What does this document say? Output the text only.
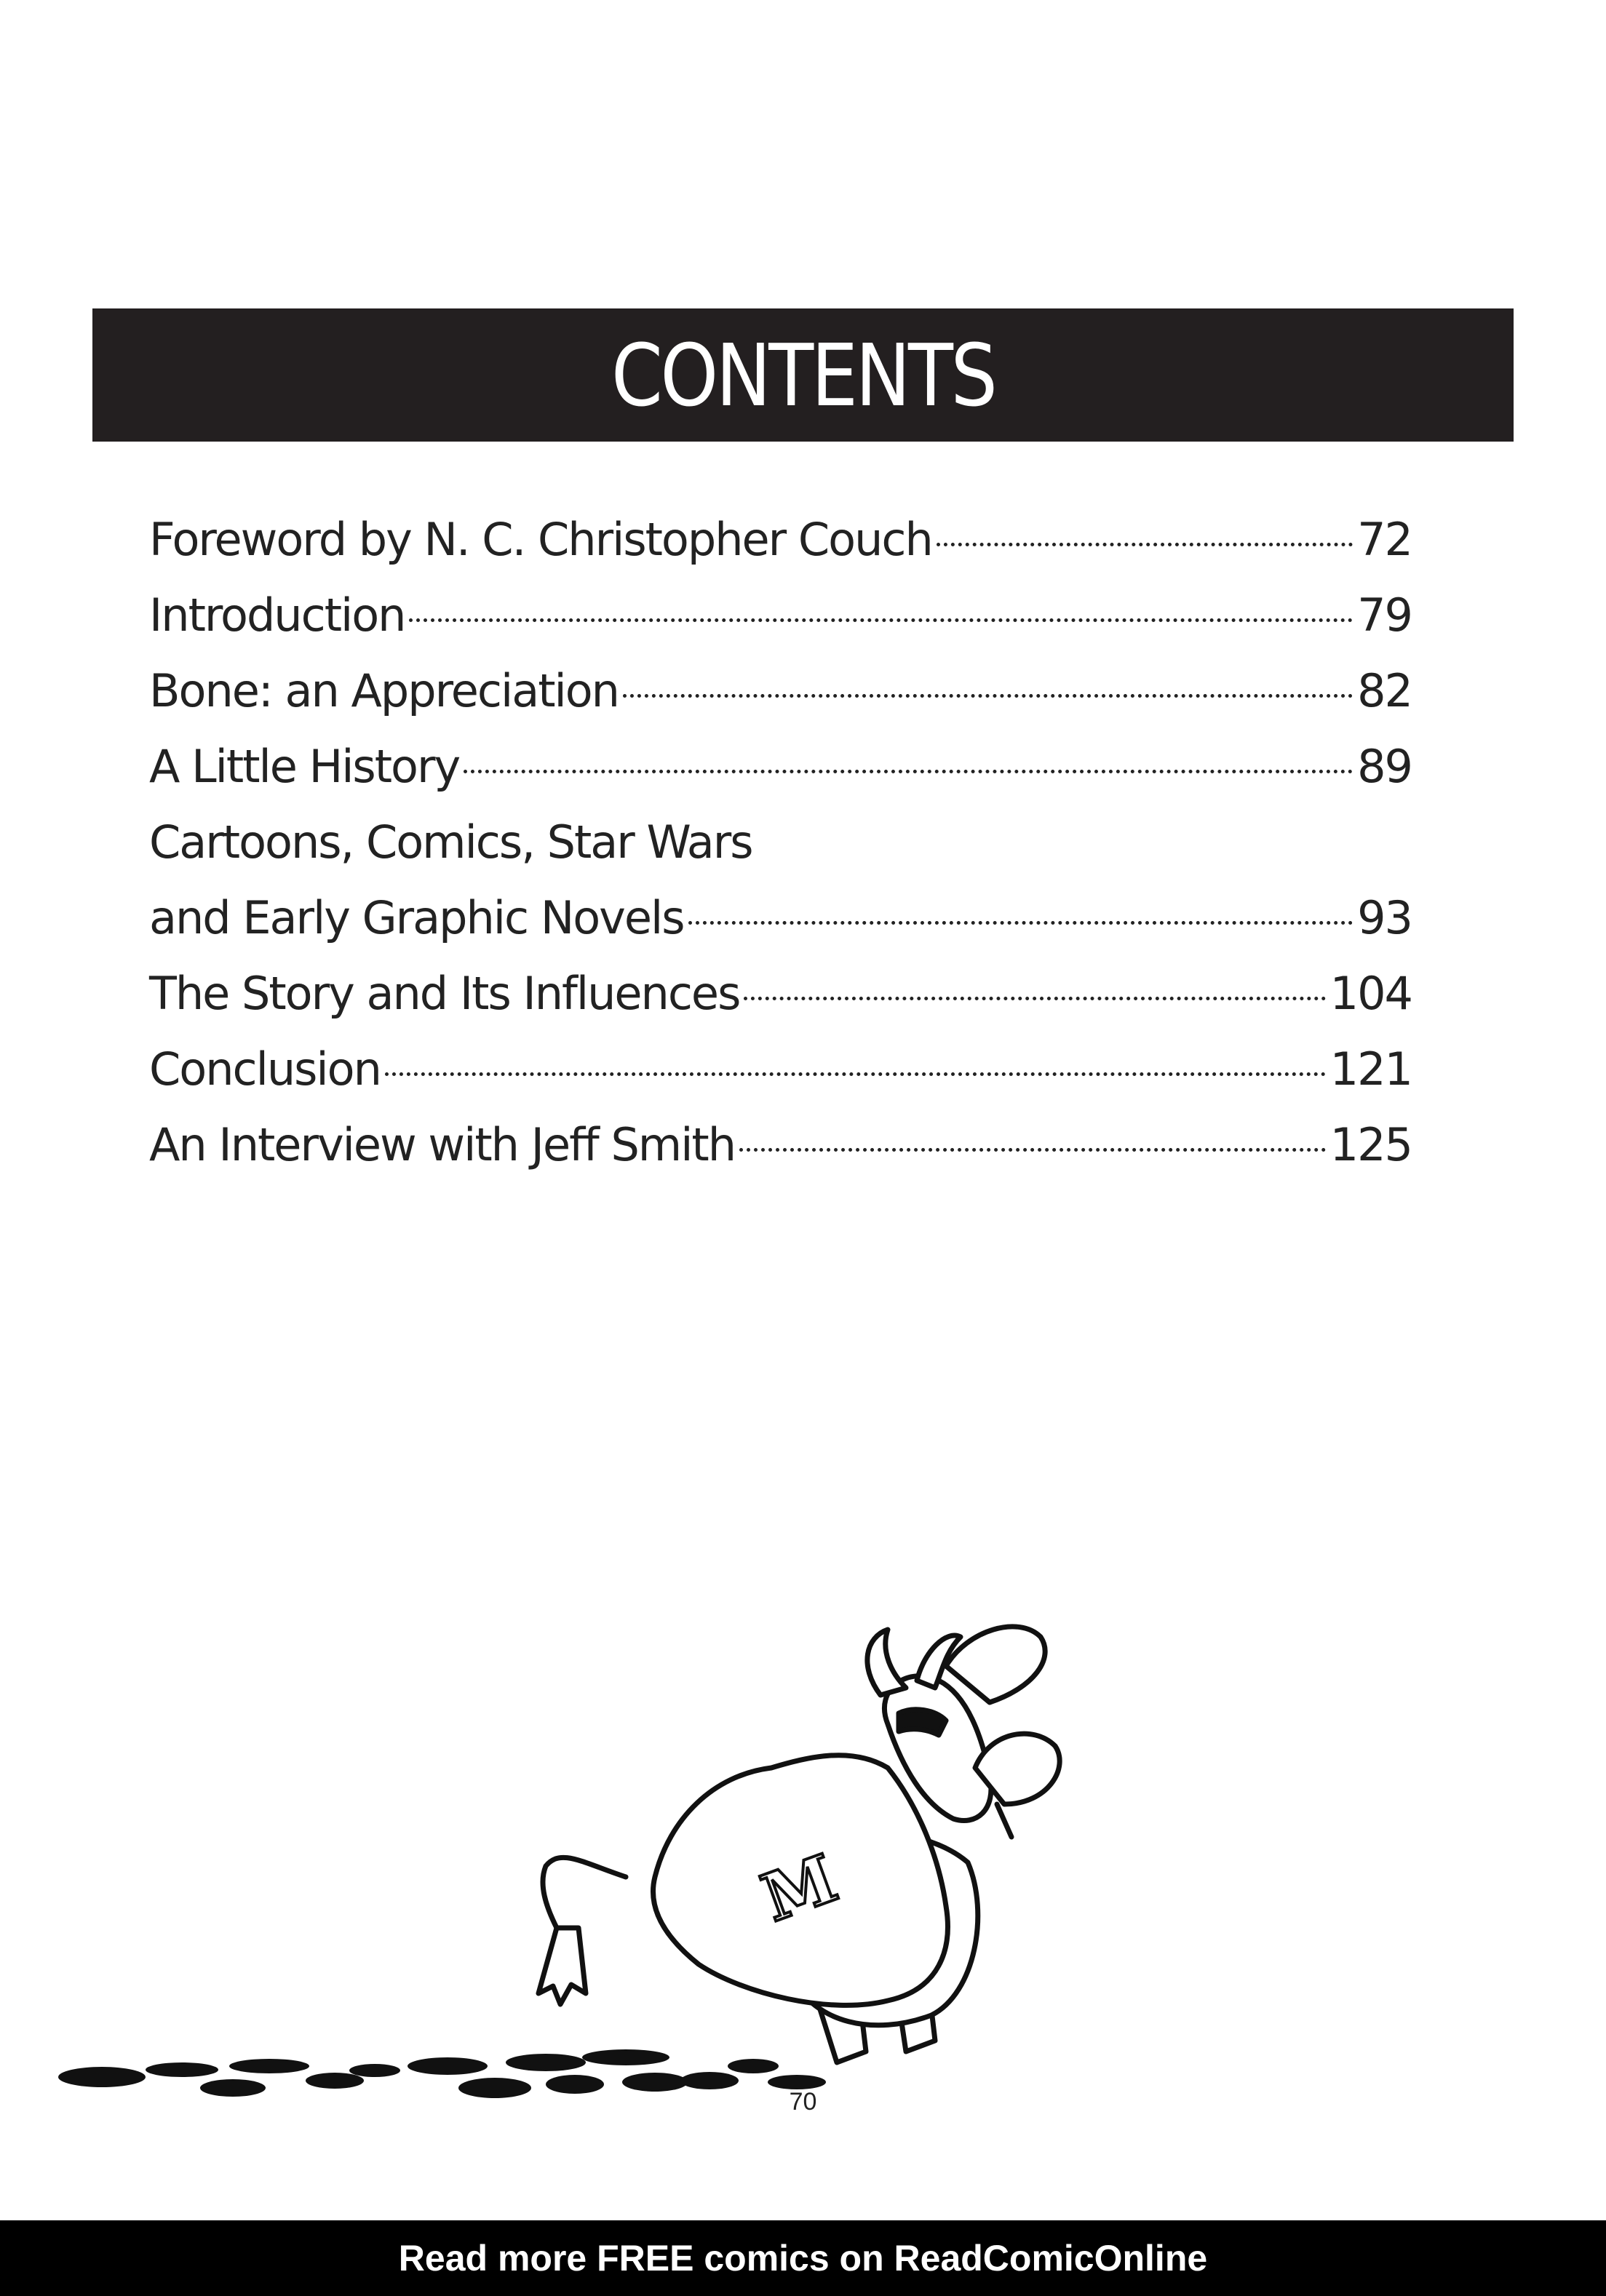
CONTENTS
Foreword by N. C. Christopher Couch	72
Introduction	79
Bone: an Appreciation	82
A Little History	89
Cartoons, Comics, Star Wars
and Early Graphic Novels	93
The Story and Its Influences	104
Conclusion	121
An Interview with Jeff Smith	125
M
70
Read more FREE comics on ReadComicOnline
